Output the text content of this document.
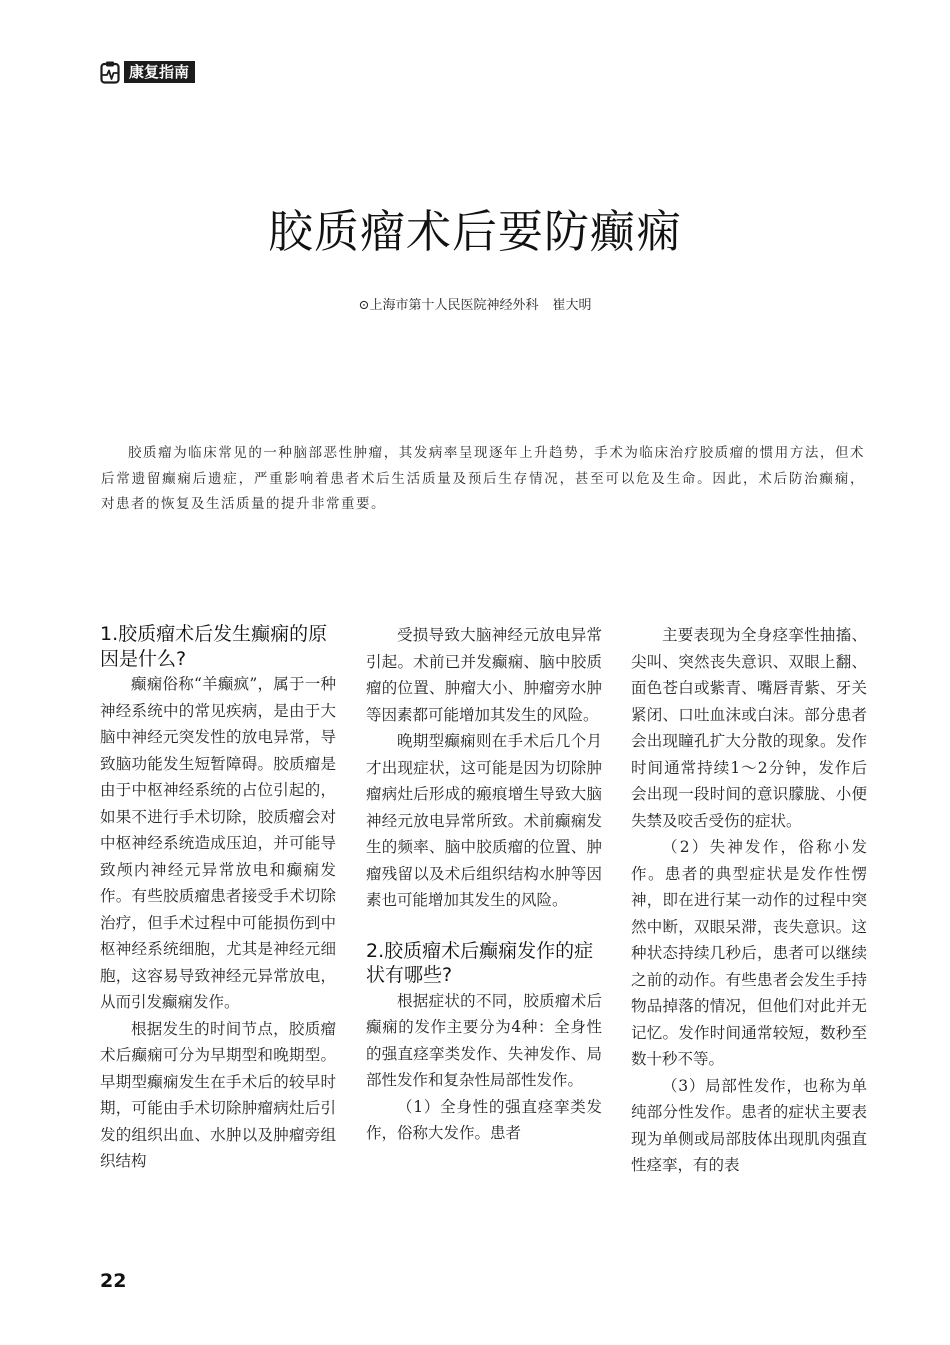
康复指南
胶质瘤术后要防癫痫
⊙上海市第十人民医院神经外科 崔大明

胶质瘤为临床常见的一种脑部恶性肿瘤，其发病率呈现逐年上升趋势，手术为临床治疗胶质瘤的惯用方法，但术后常遗留癫痫后遗症，严重影响着患者术后生活质量及预后生存情况，甚至可以危及生命。因此，术后防治癫痫，对患者的恢复及生活质量的提升非常重要。

1.胶质瘤术后发生癫痫的原因是什么?

癫痫俗称“羊癫疯”，属于一种神经系统中的常见疾病，是由于大脑中神经元突发性的放电异常，导致脑功能发生短暂障碍。胶质瘤是由于中枢神经系统的占位引起的，如果不进行手术切除，胶质瘤会对中枢神经系统造成压迫，并可能导致颅内神经元异常放电和癫痫发作。有些胶质瘤患者接受手术切除治疗，但手术过程中可能损伤到中枢神经系统细胞，尤其是神经元细胞，这容易导致神经元异常放电，从而引发癫痫发作。

根据发生的时间节点，胶质瘤术后癫痫可分为早期型和晚期型。早期型癫痫发生在手术后的较早时期，可能由手术切除肿瘤病灶后引发的组织出血、水肿以及肿瘤旁组织结构

受损导致大脑神经元放电异常引起。术前已并发癫痫、脑中胶质瘤的位置、肿瘤大小、肿瘤旁水肿等因素都可能增加其发生的风险。

晚期型癫痫则在手术后几个月才出现症状，这可能是因为切除肿瘤病灶后形成的瘢痕增生导致大脑神经元放电异常所致。术前癫痫发生的频率、脑中胶质瘤的位置、肿瘤残留以及术后组织结构水肿等因素也可能增加其发生的风险。

2.胶质瘤术后癫痫发作的症状有哪些?

根据症状的不同，胶质瘤术后癫痫的发作主要分为4种：全身性的强直痉挛类发作、失神发作、局部性发作和复杂性局部性发作。

（1）全身性的强直痉挛类发作，俗称大发作。患者

主要表现为全身痉挛性抽搐、尖叫、突然丧失意识、双眼上翻、面色苍白或紫青、嘴唇青紫、牙关紧闭、口吐血沫或白沫。部分患者会出现瞳孔扩大分散的现象。发作时间通常持续1～2分钟，发作后会出现一段时间的意识朦胧、小便失禁及咬舌受伤的症状。

（2）失神发作，俗称小发作。患者的典型症状是发作性愣神，即在进行某一动作的过程中突然中断，双眼呆滞，丧失意识。这种状态持续几秒后，患者可以继续之前的动作。有些患者会发生手持物品掉落的情况，但他们对此并无记忆。发作时间通常较短，数秒至数十秒不等。

（3）局部性发作，也称为单纯部分性发作。患者的症状主要表现为单侧或局部肢体出现肌肉强直性痉挛，有的表

22
